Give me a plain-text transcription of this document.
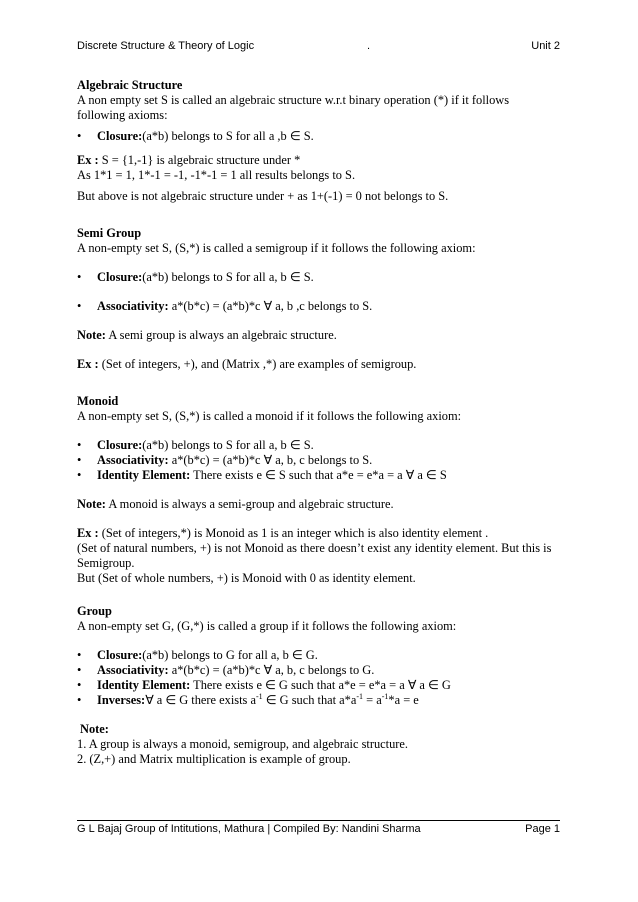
Discrete Structure & Theory of Logic	.	Unit 2

Algebraic Structure

A non empty set S is called an algebraic structure w.r.t binary operation (*) if it follows following axioms:

•	Closure:(a*b) belongs to S for all a ,b ∈ S.

Ex : S = {1,-1} is algebraic structure under *

As 1*1 = 1, 1*-1 = -1, -1*-1 = 1 all results belongs to S.

But above is not algebraic structure under + as 1+(-1) = 0 not belongs to S.

Semi Group

A non-empty set S, (S,*) is called a semigroup if it follows the following axiom:

•	Closure:(a*b) belongs to S for all a, b ∈ S.
•	Associativity: a*(b*c) = (a*b)*c ∀ a, b ,c belongs to S.

Note: A semi group is always an algebraic structure.

Ex : (Set of integers, +), and (Matrix ,*) are examples of semigroup.

Monoid

A non-empty set S, (S,*) is called a monoid if it follows the following axiom:

•	Closure:(a*b) belongs to S for all a, b ∈ S.
•	Associativity: a*(b*c) = (a*b)*c ∀ a, b, c belongs to S.
•	Identity Element: There exists e ∈ S such that a*e = e*a = a ∀ a ∈ S

Note: A monoid is always a semi-group and algebraic structure.

Ex : (Set of integers,*) is Monoid as 1 is an integer which is also identity element .

(Set of natural numbers, +) is not Monoid as there doesn’t exist any identity element. But this is Semigroup.

But (Set of whole numbers, +) is Monoid with 0 as identity element.

Group

A non-empty set G, (G,*) is called a group if it follows the following axiom:

•	Closure:(a*b) belongs to G for all a, b ∈ G.
•	Associativity: a*(b*c) = (a*b)*c ∀ a, b, c belongs to G.
•	Identity Element: There exists e ∈ G such that a*e = e*a = a ∀ a ∈ G
•	Inverses:∀ a ∈ G there exists $a^{-1}$ ∈ G such that $a*a^{-1} = a^{-1}*a = e$

Note:

1. A group is always a monoid, semigroup, and algebraic structure.

2. (Z,+) and Matrix multiplication is example of group.

G L Bajaj Group of Intitutions, Mathura | Compiled By: Nandini Sharma	Page 1
